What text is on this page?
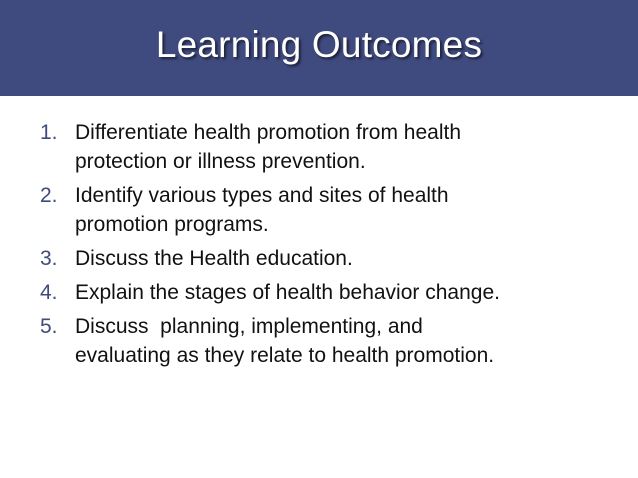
Learning Outcomes
1. Differentiate health promotion from health
protection or illness prevention.
2. Identify various types and sites of health
promotion programs.
3. Discuss the Health education.
4. Explain the stages of health behavior change.
5. Discuss  planning, implementing, and
evaluating as they relate to health promotion.
